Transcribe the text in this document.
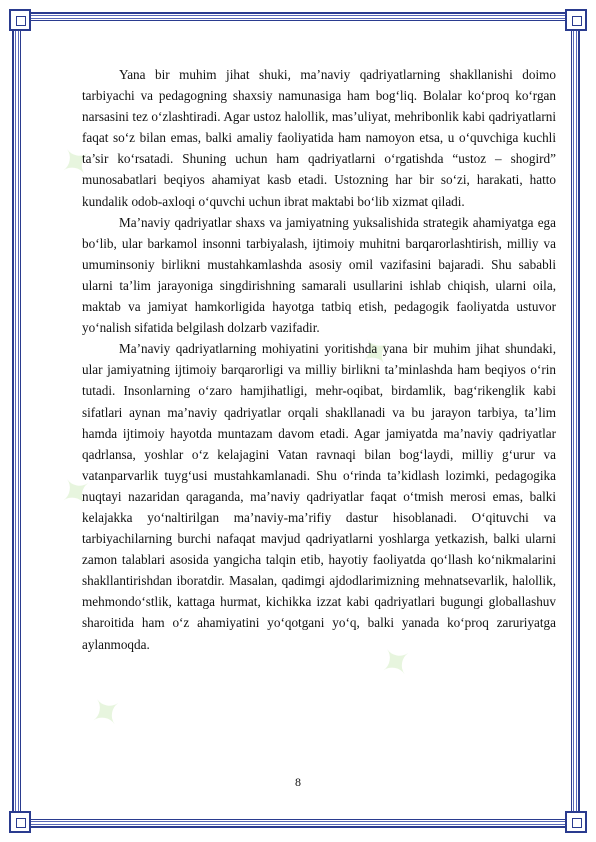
✦
✦
✦
✦
✦

Yana bir muhim jihat shuki, ma’naviy qadriyatlarning shakllanishi doimo tarbiyachi va pedagogning shaxsiy namunasiga ham bog‘liq. Bolalar ko‘proq ko‘rgan narsasini tez o‘zlashtiradi. Agar ustoz halollik, mas’uliyat, mehribonlik kabi qadriyatlarni faqat so‘z bilan emas, balki amaliy faoliyatida ham namoyon etsa, u o‘quvchiga kuchli ta’sir ko‘rsatadi. Shuning uchun ham qadriyatlarni o‘rgatishda “ustoz – shogird” munosabatlari beqiyos ahamiyat kasb etadi. Ustozning har bir so‘zi, harakati, hatto kundalik odob-axloqi o‘quvchi uchun ibrat maktabi bo‘lib xizmat qiladi.

Ma’naviy qadriyatlar shaxs va jamiyatning yuksalishida strategik ahamiyatga ega bo‘lib, ular barkamol insonni tarbiyalash, ijtimoiy muhitni barqarorlashtirish, milliy va umuminsoniy birlikni mustahkamlashda asosiy omil vazifasini bajaradi. Shu sababli ularni ta’lim jarayoniga singdirishning samarali usullarini ishlab chiqish, ularni oila, maktab va jamiyat hamkorligida hayotga tatbiq etish, pedagogik faoliyatda ustuvor yo‘nalish sifatida belgilash dolzarb vazifadir.

Ma’naviy qadriyatlarning mohiyatini yoritishda yana bir muhim jihat shundaki, ular jamiyatning ijtimoiy barqarorligi va milliy birlikni ta’minlashda ham beqiyos o‘rin tutadi. Insonlarning o‘zaro hamjihatligi, mehr-oqibat, birdamlik, bag‘rikenglik kabi sifatlari aynan ma’naviy qadriyatlar orqali shakllanadi va bu jarayon tarbiya, ta’lim hamda ijtimoiy hayotda muntazam davom etadi. Agar jamiyatda ma’naviy qadriyatlar qadrlansa, yoshlar o‘z kelajagini Vatan ravnaqi bilan bog‘laydi, milliy g‘urur va vatanparvarlik tuyg‘usi mustahkamlanadi. Shu o‘rinda ta’kidlash lozimki, pedagogika nuqtayi nazaridan qaraganda, ma’naviy qadriyatlar faqat o‘tmish merosi emas, balki kelajakka yo‘naltirilgan ma’naviy-ma’rifiy dastur hisoblanadi. O‘qituvchi va tarbiyachilarning burchi nafaqat mavjud qadriyatlarni yoshlarga yetkazish, balki ularni zamon talablari asosida yangicha talqin etib, hayotiy faoliyatda qo‘llash ko‘nikmalarini shakllantirishdan iboratdir. Masalan, qadimgi ajdodlarimizning mehnatsevarlik, halollik, mehmondo‘stlik, kattaga hurmat, kichikka izzat kabi qadriyatlari bugungi globallashuv sharoitida ham o‘z ahamiyatini yo‘qotgani yo‘q, balki yanada ko‘proq zaruriyatga aylanmoqda.

8
